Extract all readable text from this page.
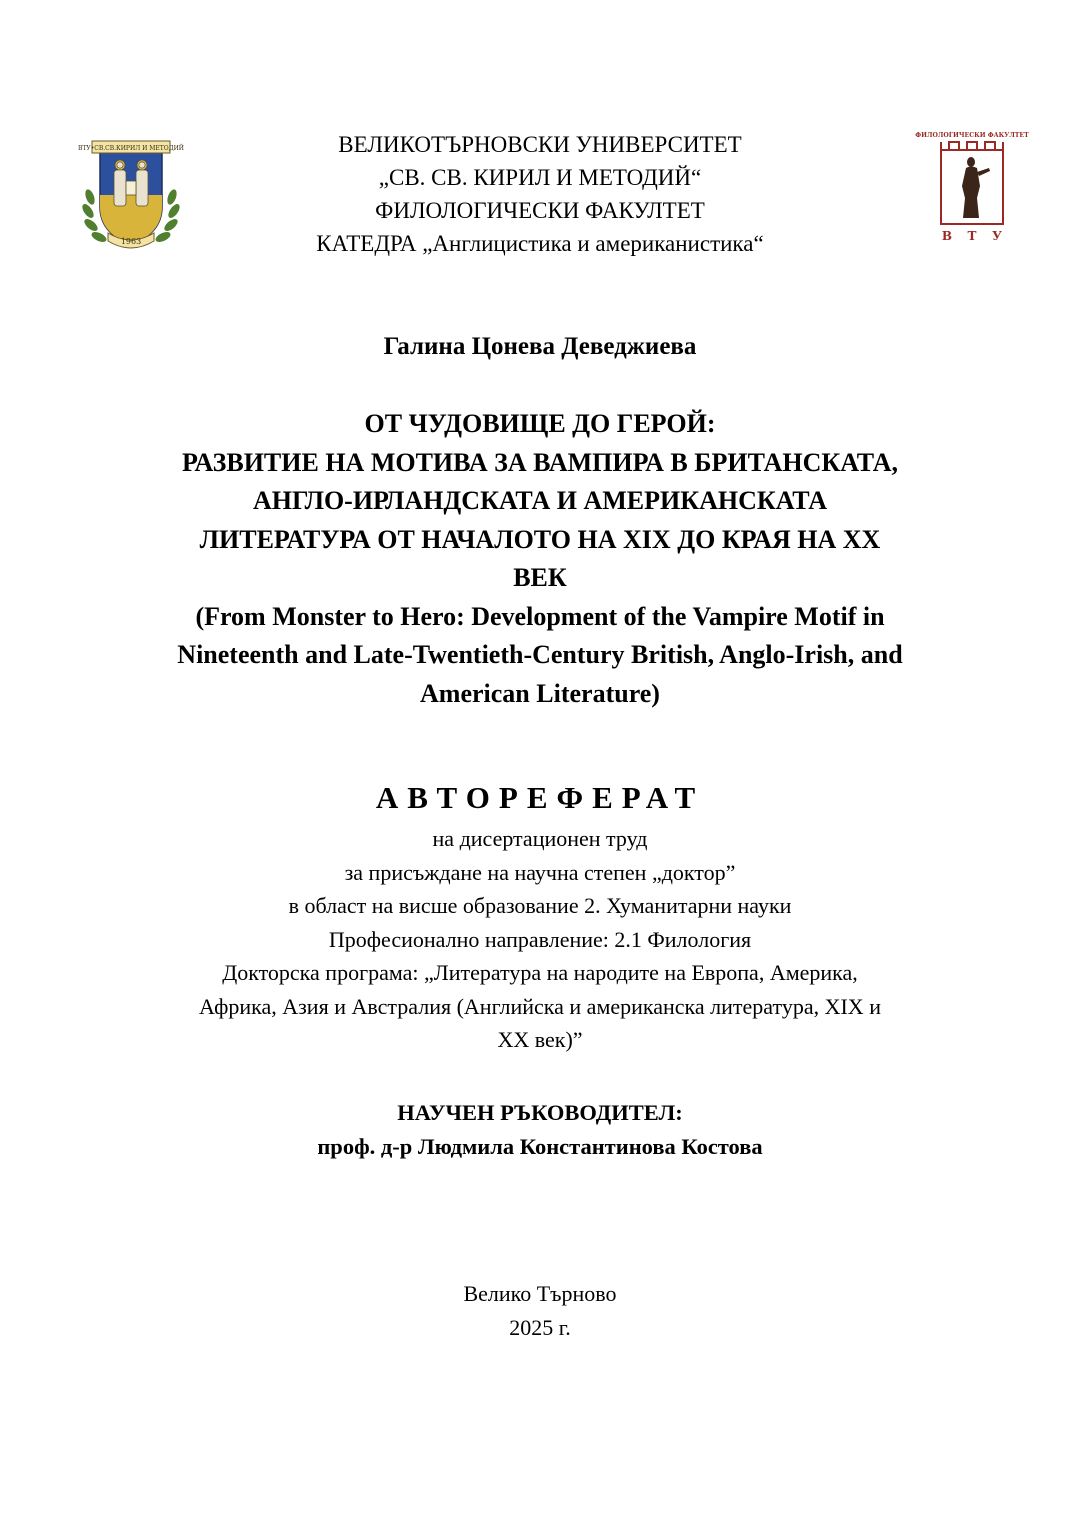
ВТУ•СВ.СВ.КИРИЛ И МЕТОДИЙ
1963
ВЕЛИКОТЪРНОВСКИ УНИВЕРСИТЕТ
„СВ. СВ. КИРИЛ И МЕТОДИЙ“
ФИЛОЛОГИЧЕСКИ ФАКУЛТЕТ
КАТЕДРА „Англицистика и американистика“
ФИЛОЛОГИЧЕСКИ ФАКУЛТЕТ
В Т У
Галина Цонева Деведжиева
ОТ ЧУДОВИЩЕ ДО ГЕРОЙ:
РАЗВИТИЕ НА МОТИВА ЗА ВАМПИРА В БРИТАНСКАТА,
АНГЛО-ИРЛАНДСКАТА И АМЕРИКАНСКАТА
ЛИТЕРАТУРА ОТ НАЧАЛОТО НА XIX ДО КРАЯ НА XX
ВЕК
(From Monster to Hero: Development of the Vampire Motif in
Nineteenth and Late-Twentieth-Century British, Anglo-Irish, and
American Literature)
АВТОРЕФЕРАТ
на дисертационен труд
за присъждане на научна степен „доктор”
в област на висше образование 2. Хуманитарни науки
Професионално направление: 2.1 Филология
Докторска програма: „Литература на народите на Европа, Америка,
Африка, Азия и Австралия (Английска и американска литература, XIX и
XX век)”
НАУЧЕН РЪКОВОДИТЕЛ:
проф. д-р Людмила Константинова Костова
Велико Търново
2025 г.
